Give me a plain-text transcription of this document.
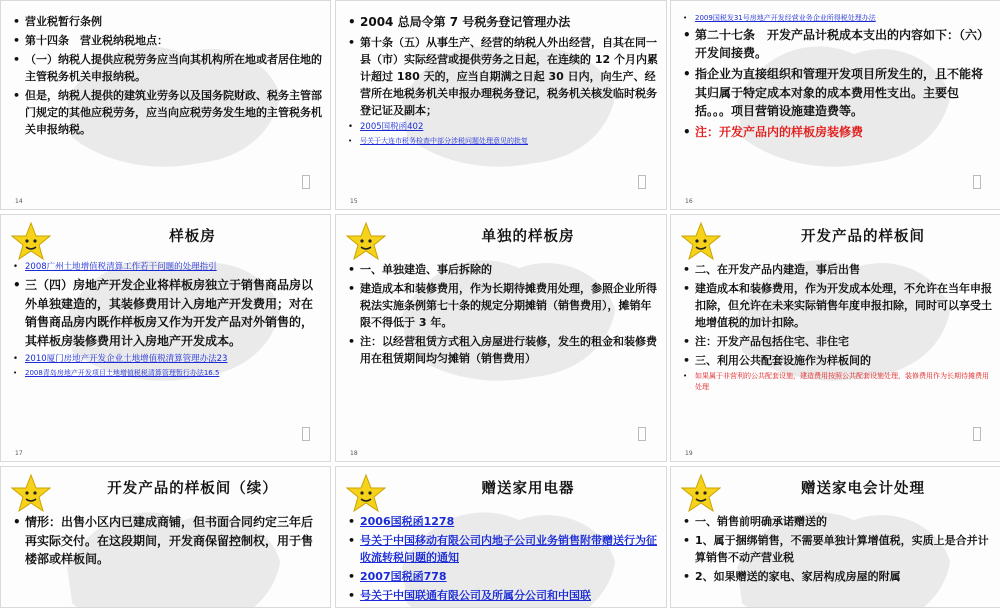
• 营业税暂行条例
• 第十四条　营业税纳税地点：
• （一）纳税人提供应税劳务应当向其机构所在地或者居住地的主管税务机关申报纳税。
• 但是，纳税人提供的建筑业劳务以及国务院财政、税务主管部门规定的其他应税劳务，应当向应税劳务发生地的主管税务机关申报纳税。
14
• 2004 总局令第 7 号税务登记管理办法
• 第十条（五）从事生产、经营的纳税人外出经营，自其在同一县（市）实际经营或提供劳务之日起，在连续的 12 个月内累计超过 180 天的，应当自期满之日起 30 日内，向生产、经营所在地税务机关申报办理税务登记，税务机关核发临时税务登记证及副本；
• 2005国税函402
• 号关于大连市税务检查中部分涉税问题处理意见的批复
15
• 2009国税发31号房地产开发经营业务企业所得税处理办法
• 第二十七条　开发产品计税成本支出的内容如下：（六）开发间接费。
• 指企业为直接组织和管理开发项目所发生的，且不能将其归属于特定成本对象的成本费用性支出。主要包括。。。项目营销设施建造费等。
• 注：开发产品内的样板房装修费
16
样板房
• 2008广州土地增值税清算工作若干问题的处理指引
• 三（四）房地产开发企业将样板房独立于销售商品房以外单独建造的，其装修费用计入房地产开发费用；对在销售商品房内既作样板房又作为开发产品对外销售的，其样板房装修费用计入房地产开发成本。
• 2010厦门房地产开发企业土地增值税清算管理办法23
• 2008青岛房地产开发项目土地增值税税清算管理暂行办法16.5
17
单独的样板房
• 一、单独建造、事后拆除的
• 建造成本和装修费用，作为长期待摊费用处理，参照企业所得税法实施条例第七十条的规定分期摊销（销售费用），摊销年限不得低于 3 年。
• 注：以经营租赁方式租入房屋进行装修，发生的租金和装修费用在租赁期间均匀摊销（销售费用）
18
开发产品的样板间
• 二、在开发产品内建造，事后出售
• 建造成本和装修费用，作为开发成本处理，不允许在当年申报扣除，但允许在未来实际销售年度申报扣除，同时可以享受土地增值税的加计扣除。
• 注：开发产品包括住宅、非住宅
• 三、利用公共配套设施作为样板间的
• 如果属于非营利的公共配套设施，建造费用按照公共配套设施处理，装修费用作为长期待摊费用处理
19
开发产品的样板间（续）
• 情形：出售小区内已建成商铺，但书面合同约定三年后再实际交付。在这段期间，开发商保留控制权，用于售楼部或样板间。
赠送家用电器
• 2006国税函1278
• 号关于中国移动有限公司内地子公司业务销售附带赠送行为征收流转税问题的通知
• 2007国税函778
• 号关于中国联通有限公司及所属分公司和中国联
赠送家电会计处理
• 一、销售前明确承诺赠送的
• 1、属于捆绑销售，不需要单独计算增值税，实质上是合并计算销售不动产营业税
• 2、如果赠送的家电、家居构成房屋的附属
